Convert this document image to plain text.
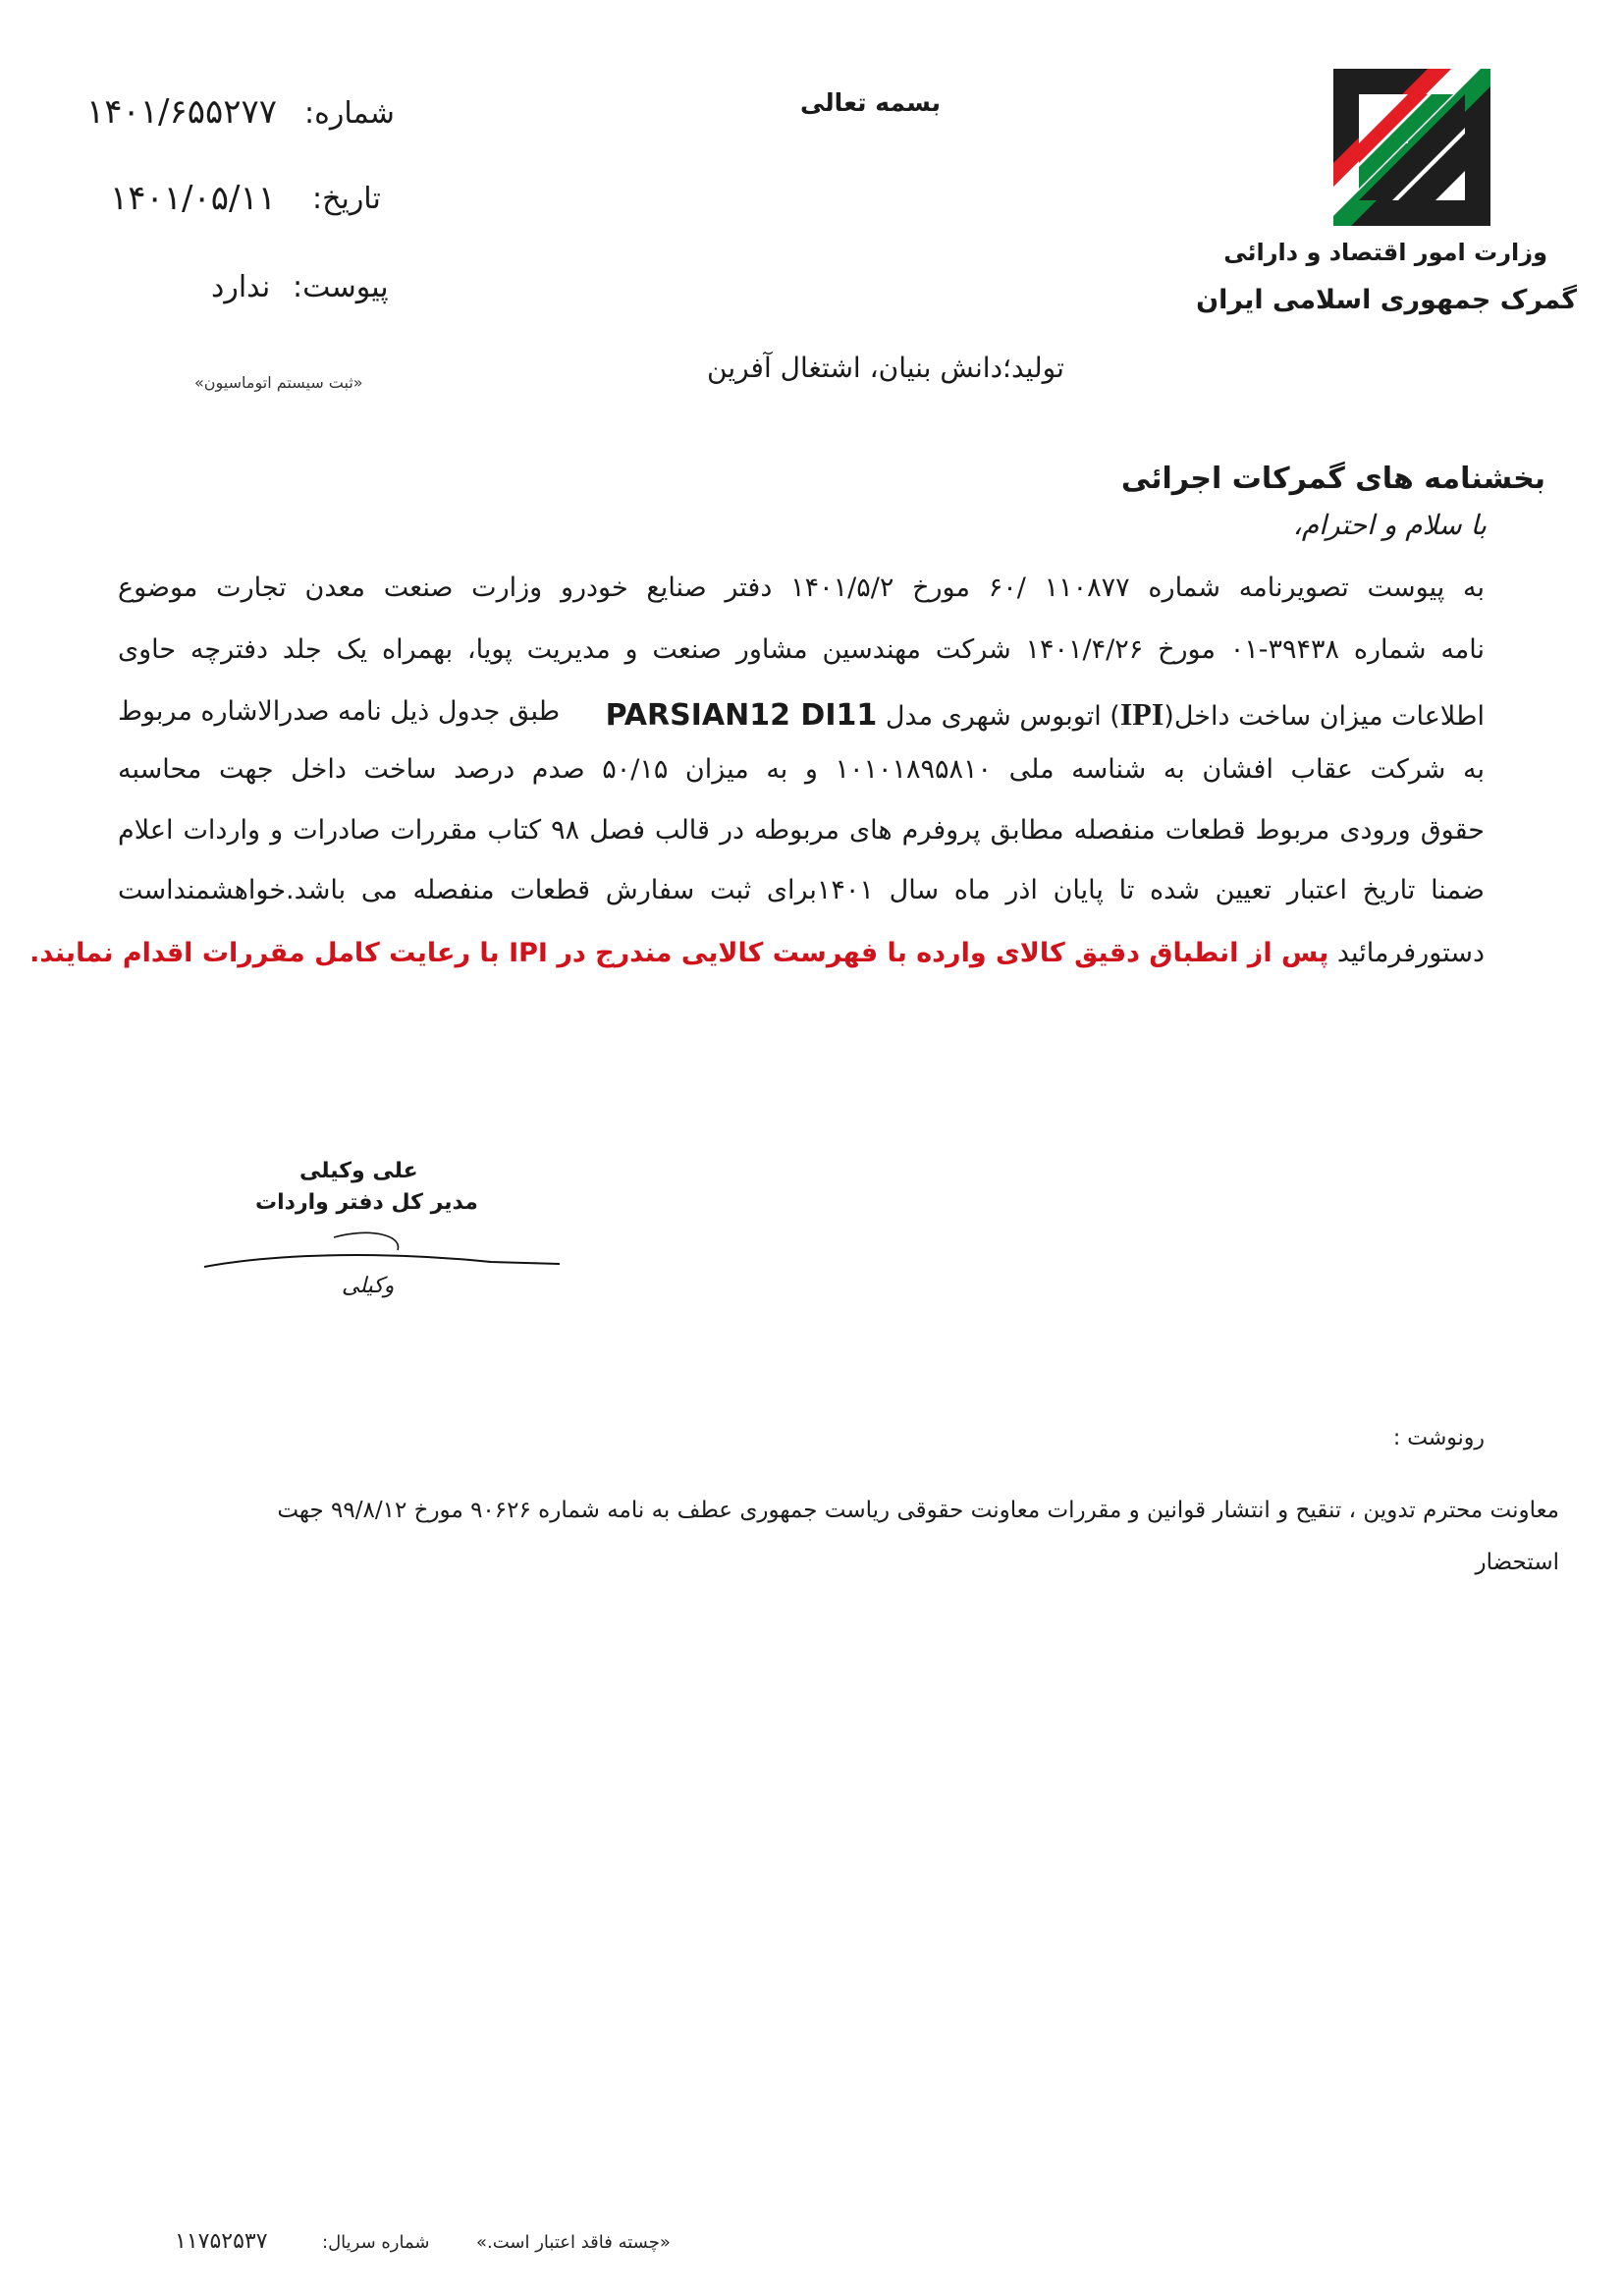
وزارت امور اقتصاد و دارائی
گمرک جمهوری اسلامی ایران
بسمه تعالی
شماره:
۱۴۰۱/۶۵۵۲۷۷
تاریخ:
۱۴۰۱/۰۵/۱۱
پیوست:
ندارد
«ثبت سیستم اتوماسیون»	تولید؛دانش بنیان، اشتغال آفرین
بخشنامه های گمرکات اجرائی
با سلام و احترام،
به پیوست تصویرنامه شماره ۱۱۰۸۷۷ /۶۰ مورخ ۱۴۰۱/۵/۲ دفتر صنایع خودرو وزارت صنعت معدن تجارت موضوع
نامه شماره ۳۹۴۳۸-۰۱ مورخ ۱۴۰۱/۴/۲۶ شرکت مهندسین مشاور صنعت و مدیریت پویا، بهمراه یک جلد دفترچه حاوی
اطلاعات میزان ساخت داخل(IPI) اتوبوس شهری مدل PARSIAN12 DI11
طبق جدول ذیل نامه صدرالاشاره مربوط
به شرکت عقاب افشان به شناسه ملی ۱۰۱۰۱۸۹۵۸۱۰ و به میزان ۵۰/۱۵ صدم درصد ساخت داخل جهت محاسبه
حقوق ورودی مربوط قطعات منفصله مطابق پروفرم های مربوطه در قالب فصل ۹۸ کتاب مقررات صادرات و واردات اعلام
ضمنا تاریخ اعتبار تعیین شده تا پایان اذر ماه سال ۱۴۰۱برای ثبت سفارش قطعات منفصله می باشد.خواهشمنداست
دستورفرمائید پس از انطباق دقیق کالای وارده با فهرست کالایی مندرج در IPI با رعایت کامل مقررات اقدام نمایند.
علی وکیلی
مدیر کل دفتر واردات
وکیلی
رونوشت :
معاونت محترم تدوین ، تنقیح و انتشار قوانین و مقررات معاونت حقوقی ریاست جمهوری عطف به نامه شماره ۹۰۶۲۶ مورخ ۹۹/۸/۱۲ جهت
استحضار
«چسته فاقد اعتبار است.»
شماره سریال:
۱۱۷۵۲۵۳۷
